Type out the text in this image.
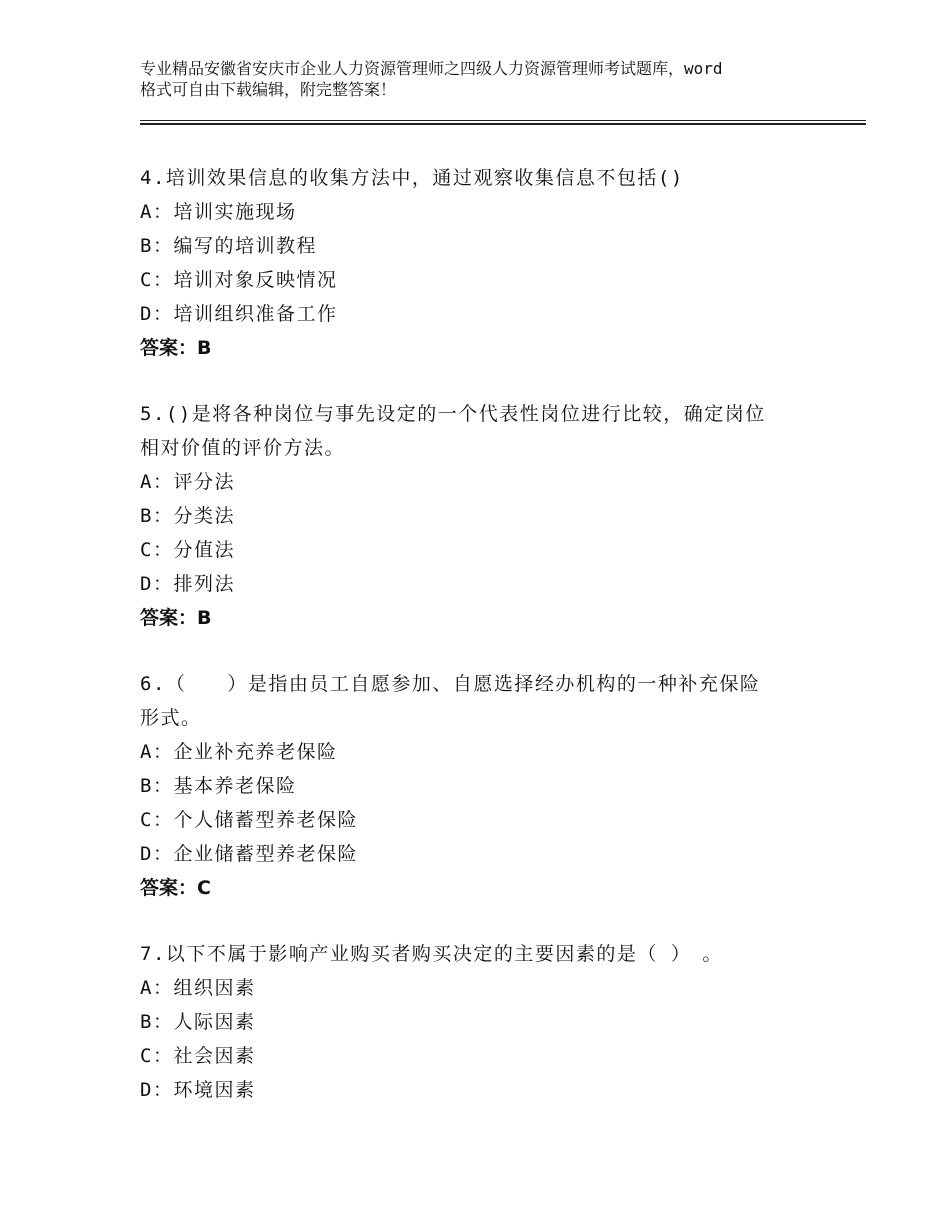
专业精品安徽省安庆市企业人力资源管理师之四级人力资源管理师考试题库，word
格式可自由下载编辑，附完整答案！
4.培训效果信息的收集方法中，通过观察收集信息不包括()
A：培训实施现场
B：编写的培训教程
C：培训对象反映情况
D：培训组织准备工作
答案：B
5.()是将各种岗位与事先设定的一个代表性岗位进行比较，确定岗位
相对价值的评价方法。
A：评分法
B：分类法
C：分值法
D：排列法
答案：B
6.（　　）是指由员工自愿参加、自愿选择经办机构的一种补充保险
形式。
A：企业补充养老保险
B：基本养老保险
C：个人储蓄型养老保险
D：企业储蓄型养老保险
答案：C
7.以下不属于影响产业购买者购买决定的主要因素的是（ ）　。
A：组织因素
B：人际因素
C：社会因素
D：环境因素
